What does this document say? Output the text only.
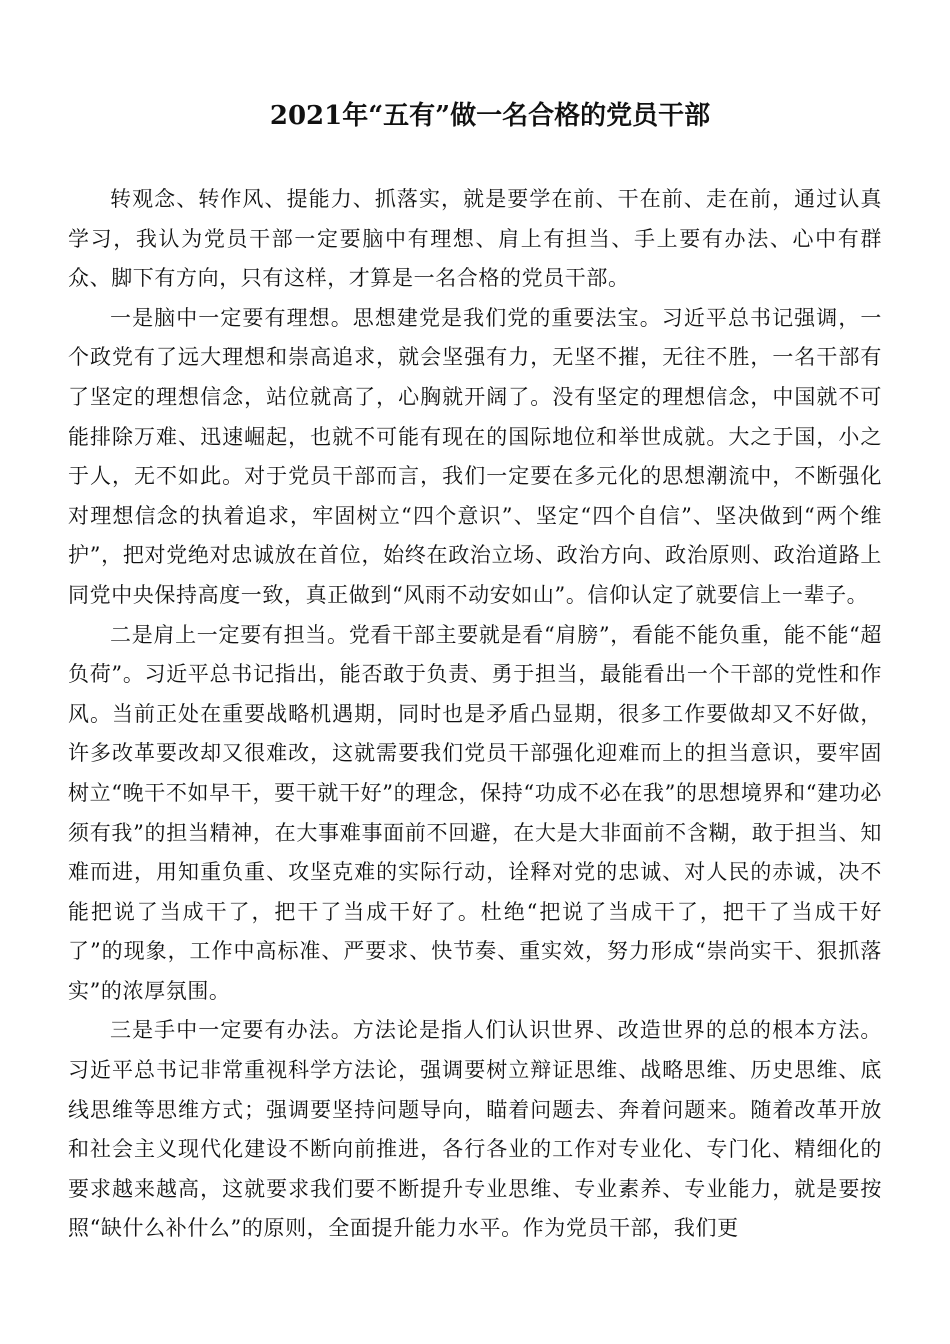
2021年“五有”做一名合格的党员干部

转观念、转作风、提能力、抓落实，就是要学在前、干在前、走在前，通过认真学习，我认为党员干部一定要脑中有理想、肩上有担当、手上要有办法、心中有群众、脚下有方向，只有这样，才算是一名合格的党员干部。

一是脑中一定要有理想。思想建党是我们党的重要法宝。习近平总书记强调，一个政党有了远大理想和崇高追求，就会坚强有力，无坚不摧，无往不胜，一名干部有了坚定的理想信念，站位就高了，心胸就开阔了。没有坚定的理想信念，中国就不可能排除万难、迅速崛起，也就不可能有现在的国际地位和举世成就。大之于国，小之于人，无不如此。对于党员干部而言，我们一定要在多元化的思想潮流中，不断强化对理想信念的执着追求，牢固树立“四个意识”、坚定“四个自信”、坚决做到“两个维护”，把对党绝对忠诚放在首位，始终在政治立场、政治方向、政治原则、政治道路上同党中央保持高度一致，真正做到“风雨不动安如山”。信仰认定了就要信上一辈子。

二是肩上一定要有担当。党看干部主要就是看“肩膀”，看能不能负重，能不能“超负荷”。习近平总书记指出，能否敢于负责、勇于担当，最能看出一个干部的党性和作风。当前正处在重要战略机遇期，同时也是矛盾凸显期，很多工作要做却又不好做，许多改革要改却又很难改，这就需要我们党员干部强化迎难而上的担当意识，要牢固树立“晚干不如早干，要干就干好”的理念，保持“功成不必在我”的思想境界和“建功必须有我”的担当精神，在大事难事面前不回避，在大是大非面前不含糊，敢于担当、知难而进，用知重负重、攻坚克难的实际行动，诠释对党的忠诚、对人民的赤诚，决不能把说了当成干了，把干了当成干好了。杜绝“把说了当成干了，把干了当成干好了”的现象，工作中高标准、严要求、快节奏、重实效，努力形成“崇尚实干、狠抓落实”的浓厚氛围。

三是手中一定要有办法。方法论是指人们认识世界、改造世界的总的根本方法。习近平总书记非常重视科学方法论，强调要树立辩证思维、战略思维、历史思维、底线思维等思维方式；强调要坚持问题导向，瞄着问题去、奔着问题来。随着改革开放和社会主义现代化建设不断向前推进，各行各业的工作对专业化、专门化、精细化的要求越来越高，这就要求我们要不断提升专业思维、专业素养、专业能力，就是要按照“缺什么补什么”的原则，全面提升能力水平。作为党员干部，我们更
